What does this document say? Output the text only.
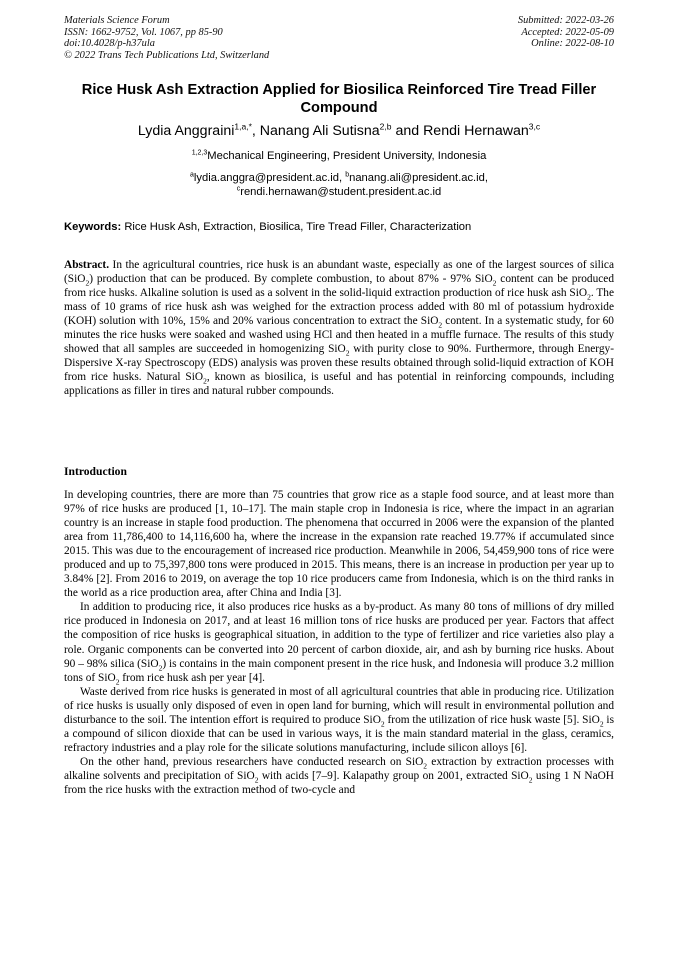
Materials Science Forum
ISSN: 1662-9752, Vol. 1067, pp 85-90
doi:10.4028/p-h37ula
© 2022 Trans Tech Publications Ltd, Switzerland
Submitted: 2022-03-26
Accepted: 2022-05-09
Online: 2022-08-10
Rice Husk Ash Extraction Applied for Biosilica Reinforced Tire Tread Filler Compound
Lydia Anggraini$^{1,a,*}$, Nanang Ali Sutisna$^{2,b}$ and Rendi Hernawan$^{3,c}$
$^{1,2,3}$Mechanical Engineering, President University, Indonesia
$^a$lydia.anggra@president.ac.id, $^b$nanang.ali@president.ac.id,
$^c$rendi.hernawan@student.president.ac.id
Keywords: Rice Husk Ash, Extraction, Biosilica, Tire Tread Filler, Characterization
Abstract. In the agricultural countries, rice husk is an abundant waste, especially as one of the largest sources of silica (SiO$_2$) production that can be produced. By complete combustion, to about 87% - 97% SiO$_2$ content can be produced from rice husks. Alkaline solution is used as a solvent in the solid-liquid extraction production of rice husk ash SiO$_2$. The mass of 10 grams of rice husk ash was weighed for the extraction process added with 80 ml of potassium hydroxide (KOH) solution with 10%, 15% and 20% various concentration to extract the SiO$_2$ content. In a systematic study, for 60 minutes the rice husks were soaked and washed using HCl and then heated in a muffle furnace. The results of this study showed that all samples are succeeded in homogenizing SiO$_2$ with purity close to 90%. Furthermore, through Energy-Dispersive X-ray Spectroscopy (EDS) analysis was proven these results obtained through solid-liquid extraction of KOH from rice husks. Natural SiO$_2$, known as biosilica, is useful and has potential in reinforcing compounds, including applications as filler in tires and natural rubber compounds.
Introduction

In developing countries, there are more than 75 countries that grow rice as a staple food source, and at least more than 97% of rice husks are produced [1, 10–17]. The main staple crop in Indonesia is rice, where the impact in an agrarian country is an increase in staple food production. The phenomena that occurred in 2006 were the expansion of the planted area from 11,786,400 to 14,116,600 ha, where the increase in the expansion rate reached 19.77% if accumulated since 2015. This was due to the encouragement of increased rice production. Meanwhile in 2006, 54,459,900 tons of rice were produced and up to 75,397,800 tons were produced in 2015. This means, there is an increase in production per year up to 3.84% [2]. From 2016 to 2019, on average the top 10 rice producers came from Indonesia, which is on the third ranks in the world as a rice production area, after China and India [3].

In addition to producing rice, it also produces rice husks as a by-product. As many 80 tons of millions of dry milled rice produced in Indonesia on 2017, and at least 16 million tons of rice husks are produced per year. Factors that affect the composition of rice husks is geographical situation, in addition to the type of fertilizer and rice varieties also play a role. Organic components can be converted into 20 percent of carbon dioxide, air, and ash by burning rice husks. About 90 – 98% silica (SiO$_2$) is contains in the main component present in the rice husk, and Indonesia will produce 3.2 million tons of SiO$_2$ from rice husk ash per year [4].

Waste derived from rice husks is generated in most of all agricultural countries that able in producing rice. Utilization of rice husks is usually only disposed of even in open land for burning, which will result in environmental pollution and disturbance to the soil. The intention effort is required to produce SiO$_2$ from the utilization of rice husk waste [5]. SiO$_2$ is a compound of silicon dioxide that can be used in various ways, it is the main standard material in the glass, ceramics, refractory industries and a play role for the silicate solutions manufacturing, include silicon alloys [6].

On the other hand, previous researchers have conducted research on SiO$_2$ extraction by extraction processes with alkaline solvents and precipitation of SiO$_2$ with acids [7–9]. Kalapathy group on 2001, extracted SiO$_2$ using 1 N NaOH from the rice husks with the extraction method of two-cycle and
